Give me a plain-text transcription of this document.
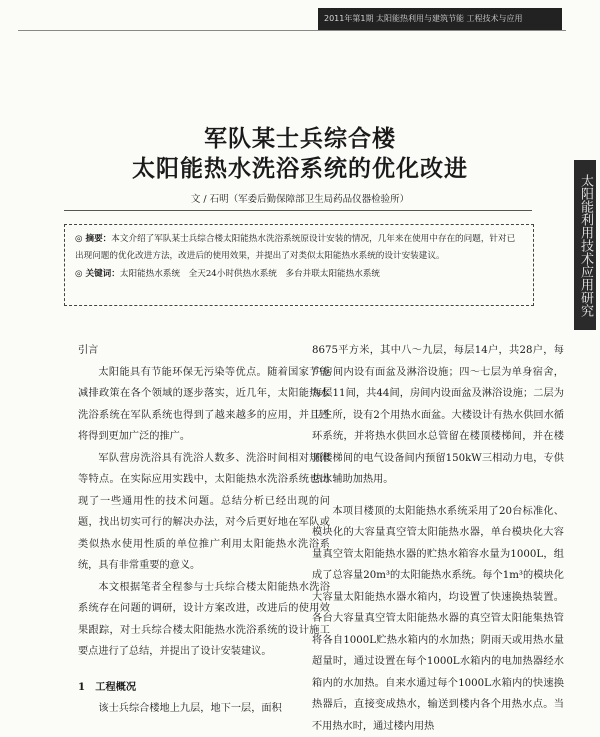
2011年第1期 太阳能热利用与建筑节能 工程技术与应用
太阳能利用技术应用研究
军队某士兵综合楼
太阳能热水洗浴系统的优化改进
文 / 石明（军委后勤保障部卫生局药品仪器检验所）
◎ 摘要：本文介绍了军队某士兵综合楼太阳能热水洗浴系统原设计安装的情况，几年来在使用中存在的问题，针对已出现问题的优化改进方法，改进后的使用效果，并提出了对类似太阳能热水系统的设计安装建议。
◎ 关键词：太阳能热水系统　全天24小时供热水系统　多台并联太阳能热水系统

引言

太阳能具有节能环保无污染等优点。随着国家节能减排政策在各个领域的逐步落实，近几年，太阳能热水洗浴系统在军队系统也得到了越来越多的应用，并且还将得到更加广泛的推广。

军队营房洗浴具有洗浴人数多、洗浴时间相对规律等特点。在实际应用实践中，太阳能热水洗浴系统也出现了一些通用性的技术问题。总结分析已经出现的问题，找出切实可行的解决办法，对今后更好地在军队或类似热水使用性质的单位推广利用太阳能热水洗浴系统，具有非常重要的意义。

本文根据笔者全程参与士兵综合楼太阳能热水洗浴系统存在问题的调研，设计方案改进，改进后的使用效果跟踪，对士兵综合楼太阳能热水洗浴系统的设计施工要点进行了总结，并提出了设计安装建议。

1　工程概况

该士兵综合楼地上九层，地下一层，面积

8675平方米，其中八～九层，每层14户，共28户，每户房间内设有面盆及淋浴设施；四～七层为单身宿舍，每层11间，共44间，房间内设面盆及淋浴设施；二层为卫生所，设有2个用热水面盆。大楼设计有热水供回水循环系统，并将热水供回水总管留在楼顶楼梯间，并在楼顶楼梯间的电气设备间内预留150kW三相动力电，专供热水辅助加热用。

本项目楼顶的太阳能热水系统采用了20台标准化、模块化的大容量真空管太阳能热水器，单台模块化大容量真空管太阳能热水器的贮热水箱容水量为1000L，组成了总容量20m³的太阳能热水系统。每个1m³的模块化大容量太阳能热水器水箱内，均设置了快速换热装置。各台大容量真空管太阳能热水器的真空管太阳能集热管将各自1000L贮热水箱内的水加热；阴雨天或用热水量超量时，通过设置在每个1000L水箱内的电加热器经水箱内的水加热。自来水通过每个1000L水箱内的快速换热器后，直接变成热水，输送到楼内各个用热水点。当不用热水时，通过楼内用热
